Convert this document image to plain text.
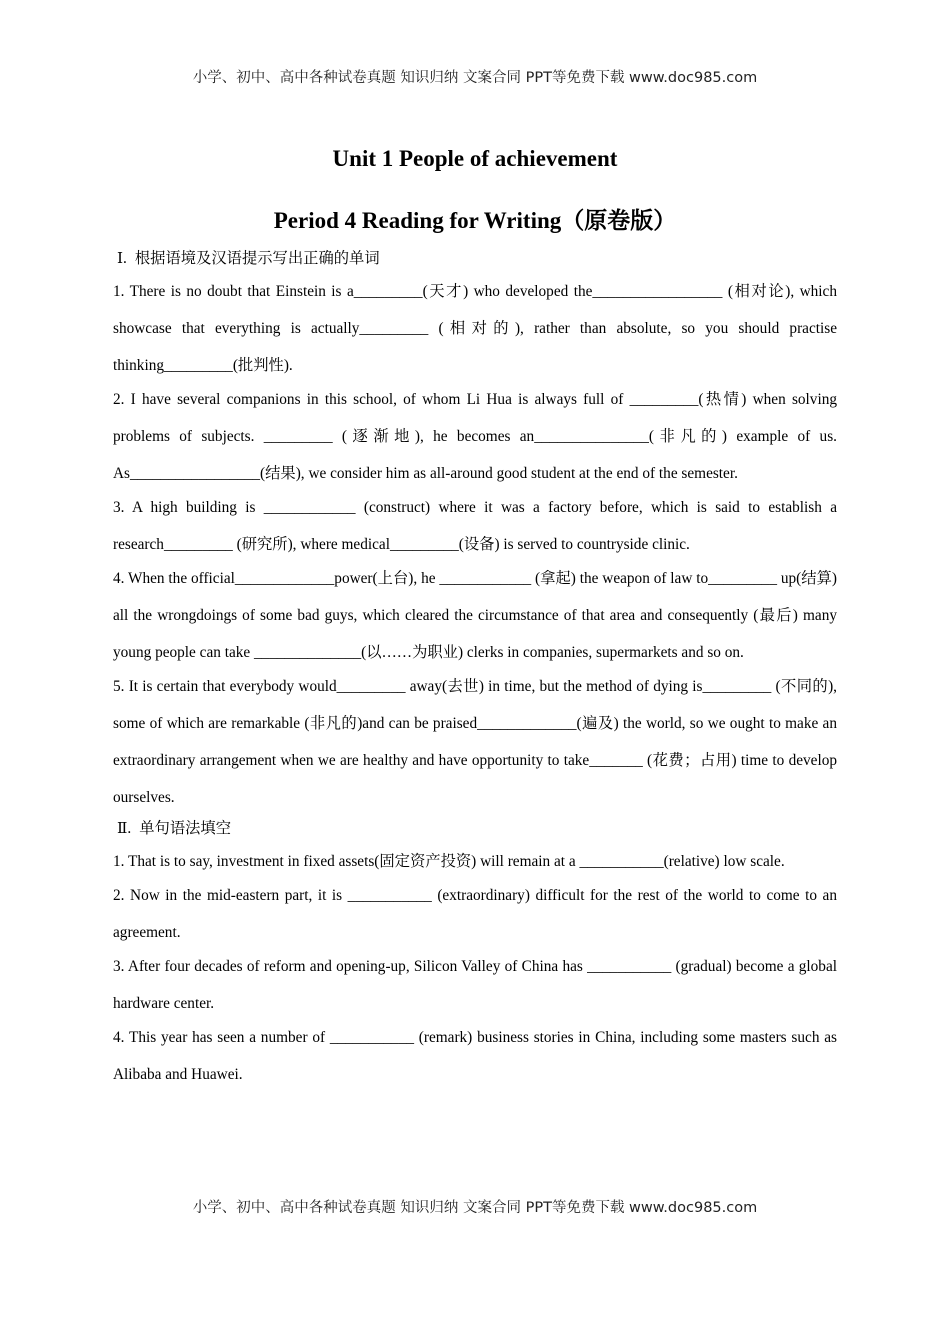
小学、初中、高中各种试卷真题 知识归纳 文案合同 PPT等免费下载 www.doc985.com
Unit 1 People of achievement
Period 4 Reading for Writing（原卷版）
Ⅰ. 根据语境及汉语提示写出正确的单词
1. There is no doubt that Einstein is a_________(天才) who developed the_________________ (相对论), which showcase that everything is actually_________ (相对的), rather than absolute, so you should practise thinking_________(批判性).
2. I have several companions in this school, of whom Li Hua is always full of _________(热情) when solving problems of subjects. _________ (逐渐地), he becomes an_______________(非凡的) example of us. As_________________(结果), we consider him as all-around good student at the end of the semester.
3. A high building is ____________ (construct) where it was a factory before, which is said to establish a research_________ (研究所), where medical_________(设备) is served to countryside clinic.
4. When the official_____________power(上台), he ____________ (拿起) the weapon of law to_________ up(结算) all the wrongdoings of some bad guys, which cleared the circumstance of that area and consequently (最后) many young people can take ______________(以……为职业) clerks in companies, supermarkets and so on.
5. It is certain that everybody would_________ away(去世) in time, but the method of dying is_________ (不同的), some of which are remarkable (非凡的)and can be praised_____________(遍及) the world, so we ought to make an extraordinary arrangement when we are healthy and have opportunity to take_______ (花费；占用) time to develop ourselves.
Ⅱ. 单句语法填空
1. That is to say, investment in fixed assets(固定资产投资) will remain at a ___________(relative) low scale.
2. Now in the mid-eastern part, it is ___________ (extraordinary) difficult for the rest of the world to come to an agreement.
3. After four decades of reform and opening-up, Silicon Valley of China has ___________ (gradual) become a global hardware center.
4. This year has seen a number of ___________ (remark) business stories in China, including some masters such as Alibaba and Huawei.
小学、初中、高中各种试卷真题 知识归纳 文案合同 PPT等免费下载 www.doc985.com
